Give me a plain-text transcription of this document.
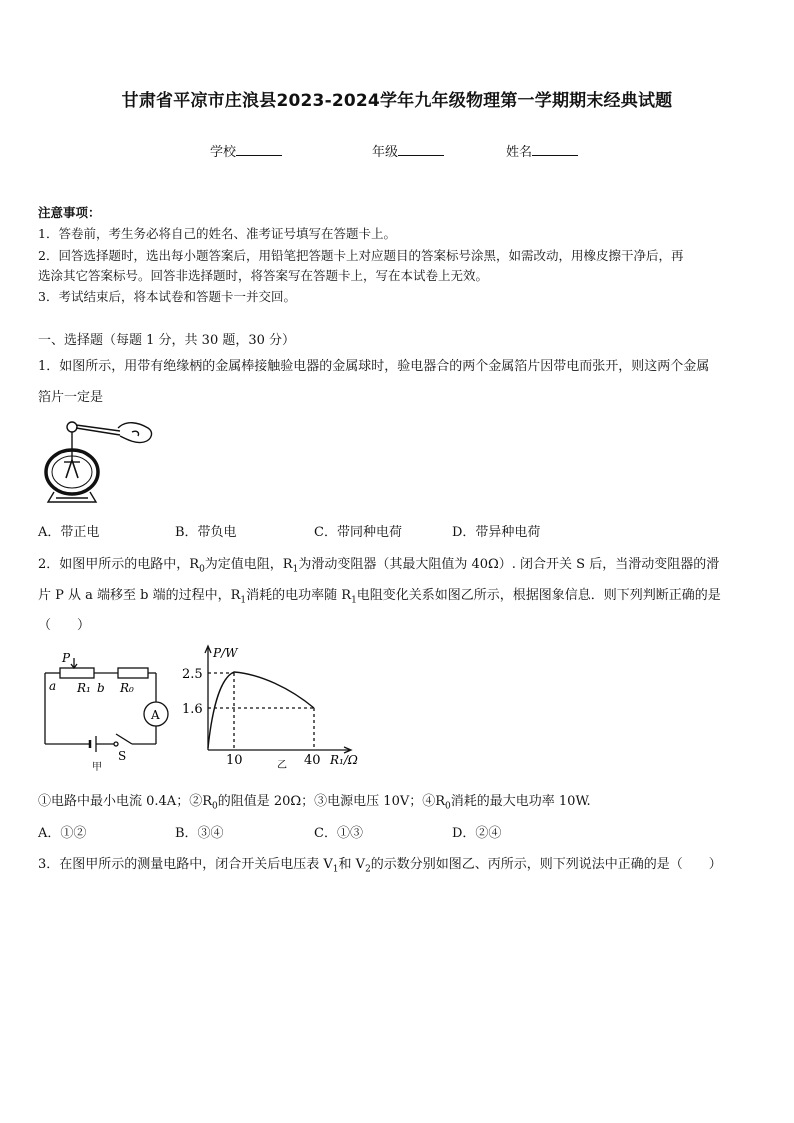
甘肃省平凉市庄浪县2023-2024学年九年级物理第一学期期末经典试题
学校	年级	姓名
注意事项：
1．答卷前，考生务必将自己的姓名、准考证号填写在答题卡上。
2．回答选择题时，选出每小题答案后，用铅笔把答题卡上对应题目的答案标号涂黑，如需改动，用橡皮擦干净后，再
选涂其它答案标号。回答非选择题时，将答案写在答题卡上，写在本试卷上无效。
3．考试结束后，将本试卷和答题卡一并交回。
一、选择题（每题 1 分，共 30 题，30 分）
1．如图所示，用带有绝缘柄的金属棒接触验电器的金属球时，验电器合的两个金属箔片因带电而张开，则这两个金属
箔片一定是
A．带正电	B．带负电	C．带同种电荷	D．带异种电荷
2．如图甲所示的电路中，$R_0$为定值电阻，$R_1$为滑动变阻器（其最大阻值为 40Ω）. 闭合开关 S 后，当滑动变阻器的滑
片 P 从 a 端移至 b 端的过程中，$R_1$消耗的电功率随 $R_1$电阻变化关系如图乙所示，根据图象信息．则下列判断正确的是
（　　）
P
a R₁ b R₀
A
S
甲
P/W
2.5
1.6
10	40
乙	R₁/Ω
①电路中最小电流 0.4A；$②R_0$的阻值是 20Ω；③电源电压 10V；$④R_0$消耗的最大电功率 10W.
A．①②	B．③④	C．①③	D．②④
3．在图甲所示的测量电路中，闭合开关后电压表 $V_1$和 $V_2$的示数分别如图乙、丙所示，则下列说法中正确的是（　　）
